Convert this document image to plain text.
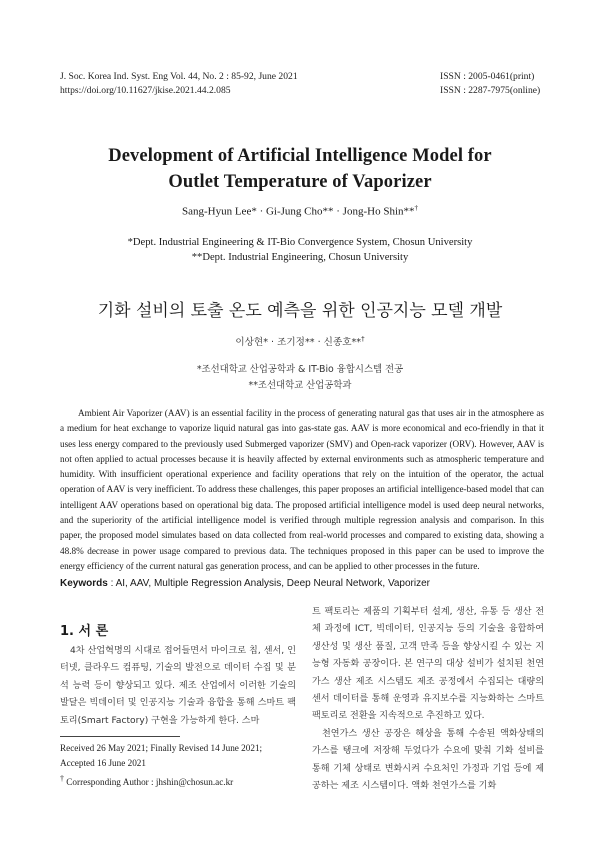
J. Soc. Korea Ind. Syst. Eng Vol. 44, No. 2 : 85-92, June 2021
https://doi.org/10.11627/jkise.2021.44.2.085
ISSN : 2005-0461(print)
ISSN : 2287-7975(online)
Development of Artificial Intelligence Model for
Outlet Temperature of Vaporizer
Sang-Hyun Lee* · Gi-Jung Cho** · Jong-Ho Shin**†
*Dept. Industrial Engineering & IT-Bio Convergence System, Chosun University
**Dept. Industrial Engineering, Chosun University
기화 설비의 토출 온도 예측을 위한 인공지능 모델 개발
이상현* · 조기정** · 신종호**†
*조선대학교 산업공학과 & IT-Bio 융합시스템 전공
**조선대학교 산업공학과
Ambient Air Vaporizer (AAV) is an essential facility in the process of generating natural gas that uses air in the atmosphere as a medium for heat exchange to vaporize liquid natural gas into gas-state gas. AAV is more economical and eco-friendly in that it uses less energy compared to the previously used Submerged vaporizer (SMV) and Open-rack vaporizer (ORV). However, AAV is not often applied to actual processes because it is heavily affected by external environments such as atmospheric temperature and humidity. With insufficient operational experience and facility operations that rely on the intuition of the operator, the actual operation of AAV is very inefficient. To address these challenges, this paper proposes an artificial intelligence-based model that can intelligent AAV operations based on operational big data. The proposed artificial intelligence model is used deep neural networks, and the superiority of the artificial intelligence model is verified through multiple regression analysis and comparison. In this paper, the proposed model simulates based on data collected from real-world processes and compared to existing data, showing a 48.8% decrease in power usage compared to previous data. The techniques proposed in this paper can be used to improve the energy efficiency of the current natural gas generation process, and can be applied to other processes in the future.
Keywords : AI, AAV, Multiple Regression Analysis, Deep Neural Network, Vaporizer
1. 서 론
4차 산업혁명의 시대로 접어들면서 마이크로 칩, 센서, 인터넷, 클라우드 컴퓨팅, 기술의 발전으로 데이터 수집 및 분석 능력 등이 향상되고 있다. 제조 산업에서 이러한 기술의 발달은 빅데이터 및 인공지능 기술과 융합을 통해 스마트 팩토리(Smart Factory) 구현을 가능하게 한다. 스마
트 팩토리는 제품의 기획부터 설계, 생산, 유통 등 생산 전체 과정에 ICT, 빅데이터, 인공지능 등의 기술을 융합하여 생산성 및 생산 품질, 고객 만족 등을 향상시킬 수 있는 지능형 자동화 공장이다. 본 연구의 대상 설비가 설치된 천연가스 생산 제조 시스템도 제조 공정에서 수집되는 대량의 센서 데이터를 통해 운영과 유지보수를 지능화하는 스마트 팩토리로 전환을 지속적으로 추진하고 있다.
천연가스 생산 공장은 해상을 통해 수송된 액화상태의 가스를 탱크에 저장해 두었다가 수요에 맞춰 기화 설비를 통해 기체 상태로 변화시켜 수요처인 가정과 기업 등에 제공하는 제조 시스템이다. 액화 천연가스를 기화
Received 26 May 2021; Finally Revised 14 June 2021;
Accepted 16 June 2021
† Corresponding Author : jhshin@chosun.ac.kr
